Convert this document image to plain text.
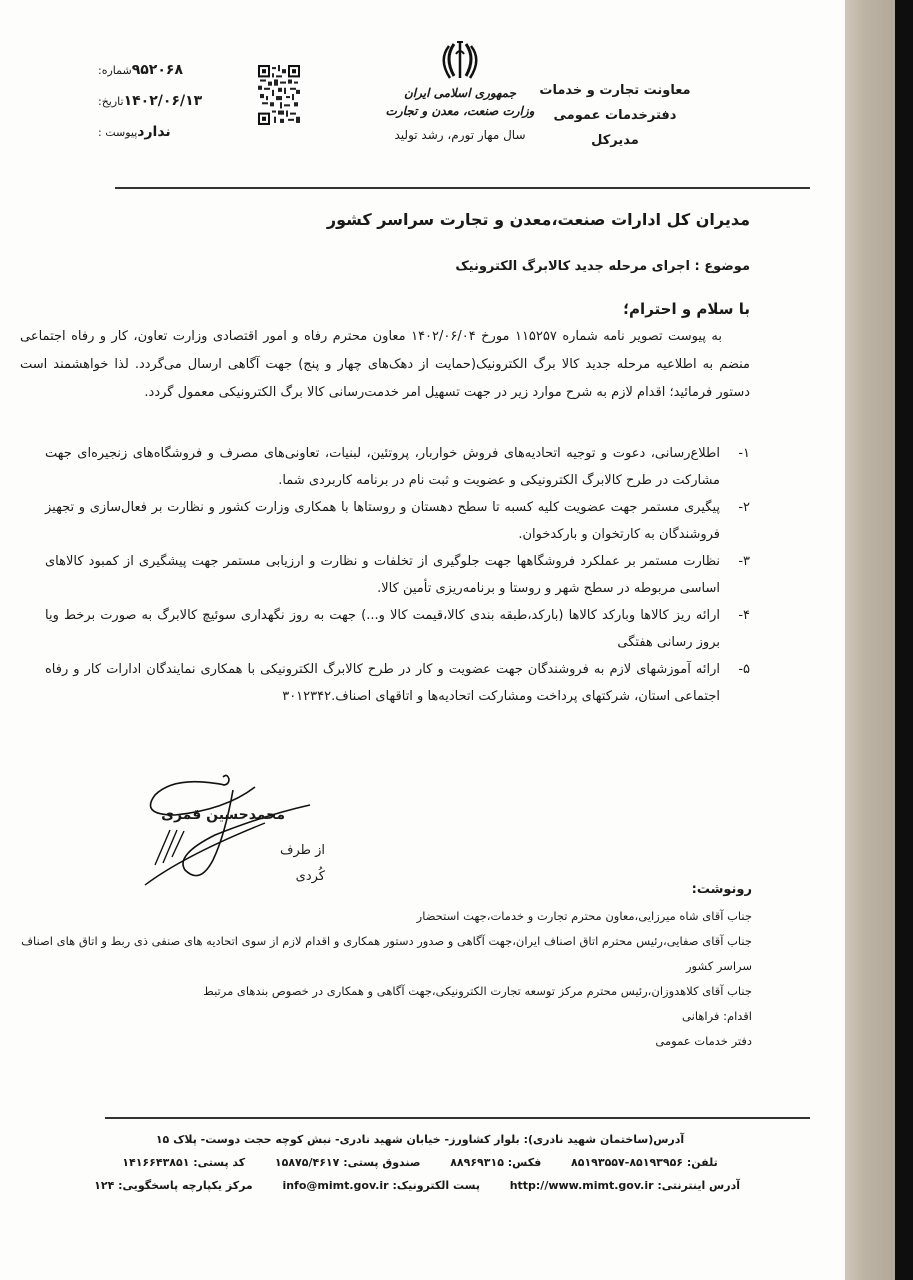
معاونت تجارت و خدمات
دفترخدمات عمومی
مدیرکل
جمهوری اسلامی ایران
وزارت صنعت، معدن و تجارت
سال مهار تورم، رشد تولید
شماره: ۹۵۲۰۶۸
تاریخ: ۱۴۰۲/۰۶/۱۳
پیوست : ندارد
مدیران کل ادارات صنعت،معدن و تجارت سراسر کشور
موضوع : اجرای مرحله جدید کالابرگ الکترونیک
با سلام و احترام؛
به پیوست تصویر نامه شماره ۱۱۵۲۵۷ مورخ ۱۴۰۲/۰۶/۰۴ معاون محترم رفاه و امور اقتصادی وزارت تعاون، کار و رفاه اجتماعی منضم به اطلاعیه مرحله جدید کالا برگ الکترونیک(حمایت از دهک‌های چهار و پنج) جهت آگاهی ارسال می‌گردد. لذا خواهشمند است دستور فرمائید؛ اقدام لازم به شرح موارد زیر در جهت تسهیل امر خدمت‌رسانی کالا برگ الکترونیکی معمول گردد.
۱-
اطلاع‌رسانی، دعوت و توجیه اتحادیه‌های فروش خواربار، پروتئین، لبنیات، تعاونی‌های مصرف و فروشگاه‌های زنجیره‌ای جهت مشارکت در طرح کالابرگ الکترونیکی و عضویت و ثبت نام در برنامه کاربردی شما.
۲-
پیگیری مستمر جهت عضویت کلیه کسبه تا سطح دهستان و روستاها با همکاری وزارت کشور و نظارت بر فعال‌سازی و تجهیز فروشندگان به کارتخوان و بارکدخوان.
۳-
نظارت مستمر بر عملکرد فروشگاهها جهت جلوگیری از تخلفات و نظارت و ارزیابی مستمر جهت پیشگیری از کمبود کالاهای اساسی مربوطه در سطح شهر و روستا و برنامه‌ریزی تأمین کالا.
۴-
ارائه ریز کالاها وبارکد کالاها (بارکد،طبقه بندی کالا،قیمت کالا و...) جهت به روز نگهداری سوئیچ کالابرگ به صورت برخط ویا بروز رسانی هفتگی
۵-
ارائه آموزشهای لازم به فروشندگان جهت عضویت و کار در طرح کالابرگ الکترونیکی با همکاری نمایندگان ادارات کار و رفاه اجتماعی استان، شرکتهای پرداخت ومشارکت اتحادیه‌ها و اتاقهای اصناف.۳۰۱۲۳۴۲
محمدحسین قمری
از طرف
کُردی
رونوشت:
جناب آقای شاه میرزایی،معاون محترم تجارت و خدمات،جهت استحضار
جناب آقای صفایی،رئیس محترم اتاق اصناف ایران،جهت آگاهی و صدور دستور همکاری و اقدام لازم از سوی اتحادیه های صنفی ذی ربط و اتاق های اصناف سراسر کشور
جناب آقای کلاهدوزان،رئیس محترم مرکز توسعه تجارت الکترونیکی،جهت آگاهی و همکاری در خصوص بندهای مرتبط
اقدام: فراهانی
دفتر خدمات عمومی
آدرس(ساختمان شهید نادری): بلوار کشاورز- خیابان شهید نادری- نبش کوچه حجت دوست- پلاک ۱۵
تلفن: ۸۵۱۹۳۹۵۶-۸۵۱۹۳۵۵۷  فکس: ۸۸۹۶۹۳۱۵  صندوق پستی: ۱۵۸۷۵/۴۶۱۷  کد پستی: ۱۴۱۶۶۴۳۸۵۱
آدرس اینترنتی: http://www.mimt.gov.ir  پست الکترونیک: info@mimt.gov.ir  مرکز یکپارچه پاسخگویی: ۱۲۴
